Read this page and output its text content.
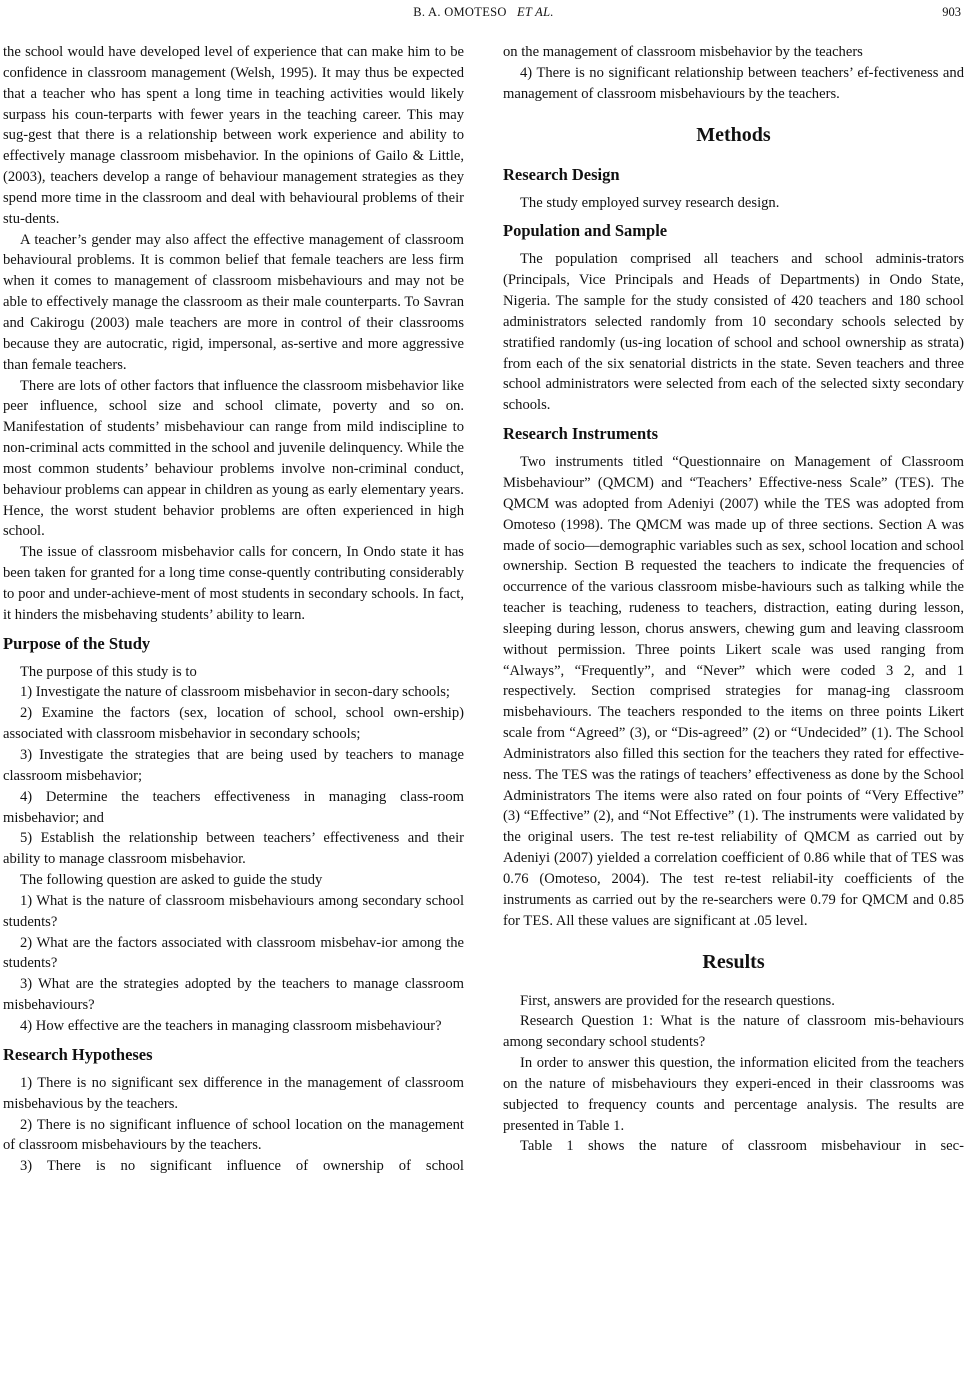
B. A. OMOTESO ET AL.	903

the school would have developed level of experience that can make him to be confidence in classroom management (Welsh, 1995). It may thus be expected that a teacher who has spent a long time in teaching activities would likely surpass his coun-terparts with fewer years in the teaching career. This may sug-gest that there is a relationship between work experience and ability to effectively manage classroom misbehavior. In the opinions of Gailo & Little, (2003), teachers develop a range of behaviour management strategies as they spend more time in the classroom and deal with behavioural problems of their stu-dents.

A teacher’s gender may also affect the effective management of classroom behavioural problems. It is common belief that female teachers are less firm when it comes to management of classroom misbehaviours and may not be able to effectively manage the classroom as their male counterparts. To Savran and Cakirogu (2003) male teachers are more in control of their classrooms because they are autocratic, rigid, impersonal, as-sertive and more aggressive than female teachers.

There are lots of other factors that influence the classroom misbehavior like peer influence, school size and school climate, poverty and so on. Manifestation of students’ misbehaviour can range from mild indiscipline to non-criminal acts committed in the school and juvenile delinquency. While the most common students’ behaviour problems involve non-criminal conduct, behaviour problems can appear in children as young as early elementary years. Hence, the worst student behavior problems are often experienced in high school.

The issue of classroom misbehavior calls for concern, In Ondo state it has been taken for granted for a long time conse-quently contributing considerably to poor and under-achieve-ment of most students in secondary schools. In fact, it hinders the misbehaving students’ ability to learn.

Purpose of the Study

The purpose of this study is to

1) Investigate the nature of classroom misbehavior in secon-dary schools;

2) Examine the factors (sex, location of school, school own-ership) associated with classroom misbehavior in secondary schools;

3) Investigate the strategies that are being used by teachers to manage classroom misbehavior;

4) Determine the teachers effectiveness in managing class-room misbehavior; and

5) Establish the relationship between teachers’ effectiveness and their ability to manage classroom misbehavior.

The following question are asked to guide the study

1) What is the nature of classroom misbehaviours among secondary school students?

2) What are the factors associated with classroom misbehav-ior among the students?

3) What are the strategies adopted by the teachers to manage classroom misbehaviours?

4) How effective are the teachers in managing classroom misbehaviour?

Research Hypotheses

1) There is no significant sex difference in the management of classroom misbehavious by the teachers.

2) There is no significant influence of school location on the management of classroom misbehaviours by the teachers.

3) There is no significant influence of ownership of school

on the management of classroom misbehavior by the teachers

4) There is no significant relationship between teachers’ ef-fectiveness and management of classroom misbehaviours by the teachers.

Methods
Research Design

The study employed survey research design.

Population and Sample

The population comprised all teachers and school adminis-trators (Principals, Vice Principals and Heads of Departments) in Ondo State, Nigeria. The sample for the study consisted of 420 teachers and 180 school administrators selected randomly from 10 secondary schools selected by stratified randomly (us-ing location of school and school ownership as strata) from each of the six senatorial districts in the state. Seven teachers and three school administrators were selected from each of the selected sixty secondary schools.

Research Instruments

Two instruments titled “Questionnaire on Management of Classroom Misbehaviour” (QMCM) and “Teachers’ Effective-ness Scale” (TES). The QMCM was adopted from Adeniyi (2007) while the TES was adopted from Omoteso (1998). The QMCM was made up of three sections. Section A was made of socio—demographic variables such as sex, school location and school ownership. Section B requested the teachers to indicate the frequencies of occurrence of the various classroom misbe-haviours such as talking while the teacher is teaching, rudeness to teachers, distraction, eating during lesson, sleeping during lesson, chorus answers, chewing gum and leaving classroom without permission. Three points Likert scale was used ranging from “Always”, “Frequently”, and “Never” which were coded 3 2, and 1 respectively. Section comprised strategies for manag-ing classroom misbehaviours. The teachers responded to the items on three points Likert scale from “Agreed” (3), or “Dis-agreed” (2) or “Undecided” (1). The School Administrators also filled this section for the teachers they rated for effective-ness. The TES was the ratings of teachers’ effectiveness as done by the School Administrators The items were also rated on four points of “Very Effective” (3) “Effective” (2), and “Not Effective” (1). The instruments were validated by the original users. The test re-test reliability of QMCM as carried out by Adeniyi (2007) yielded a correlation coefficient of 0.86 while that of TES was 0.76 (Omoteso, 2004). The test re-test reliabil-ity coefficients of the instruments as carried out by the re-searchers were 0.79 for QMCM and 0.85 for TES. All these values are significant at .05 level.

Results

First, answers are provided for the research questions.

Research Question 1: What is the nature of classroom mis-behaviours among secondary school students?

In order to answer this question, the information elicited from the teachers on the nature of misbehaviours they experi-enced in their classrooms was subjected to frequency counts and percentage analysis. The results are presented in Table 1.

Table 1 shows the nature of classroom misbehaviour in sec-
